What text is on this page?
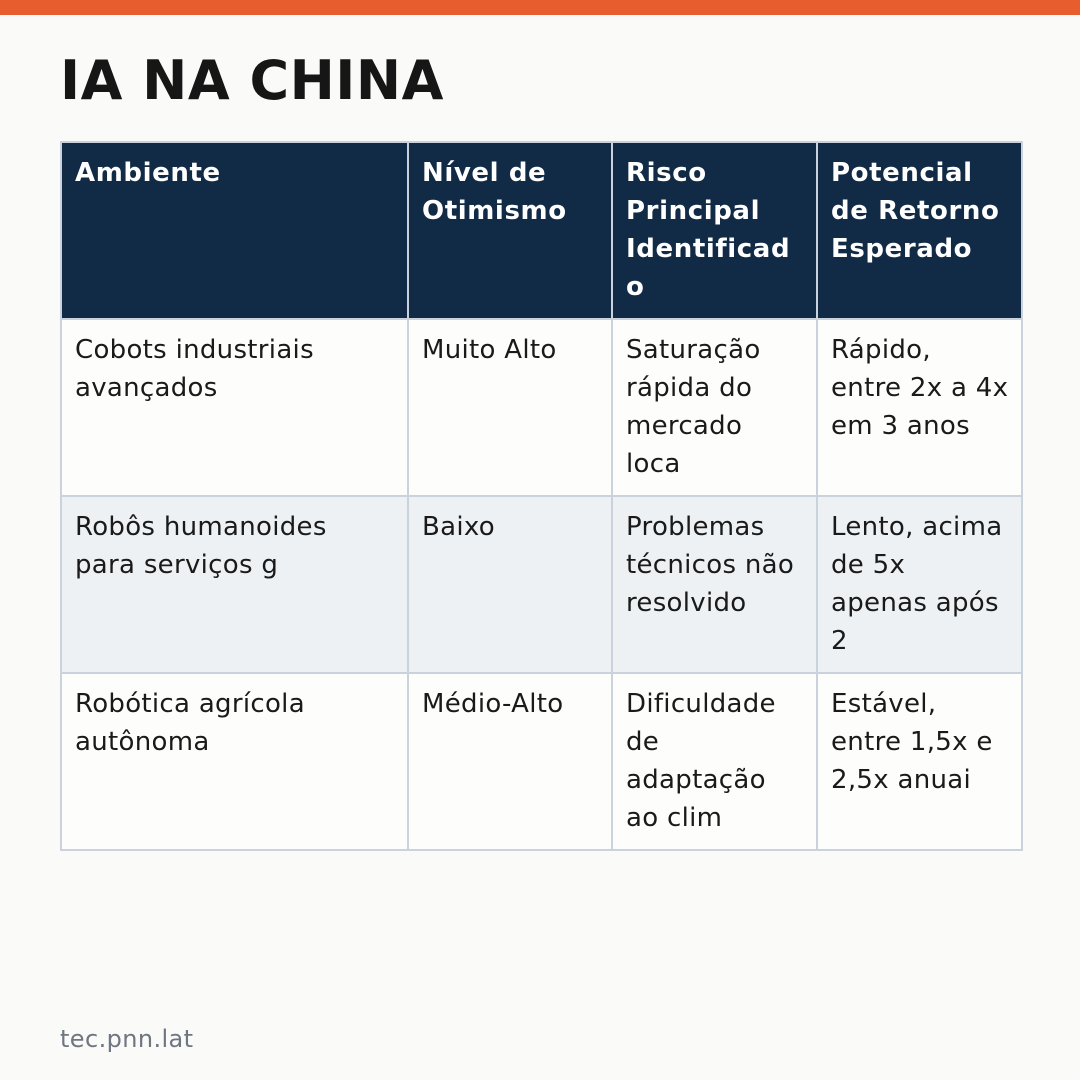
IA NA CHINA
Ambiente	Nível de Otimismo	Risco Principal Identificado	Potencial de Retorno Esperado
Cobots industriais avançados	Muito Alto	Saturação rápida do mercado loca	Rápido, entre 2x a 4x em 3 anos
Robôs humanoides para serviços g	Baixo	Problemas técnicos não resolvido	Lento, acima de 5x apenas após 2
Robótica agrícola autônoma	Médio-Alto	Dificuldade de adaptação ao clim	Estável, entre 1,5x e 2,5x anuai
tec.pnn.lat
